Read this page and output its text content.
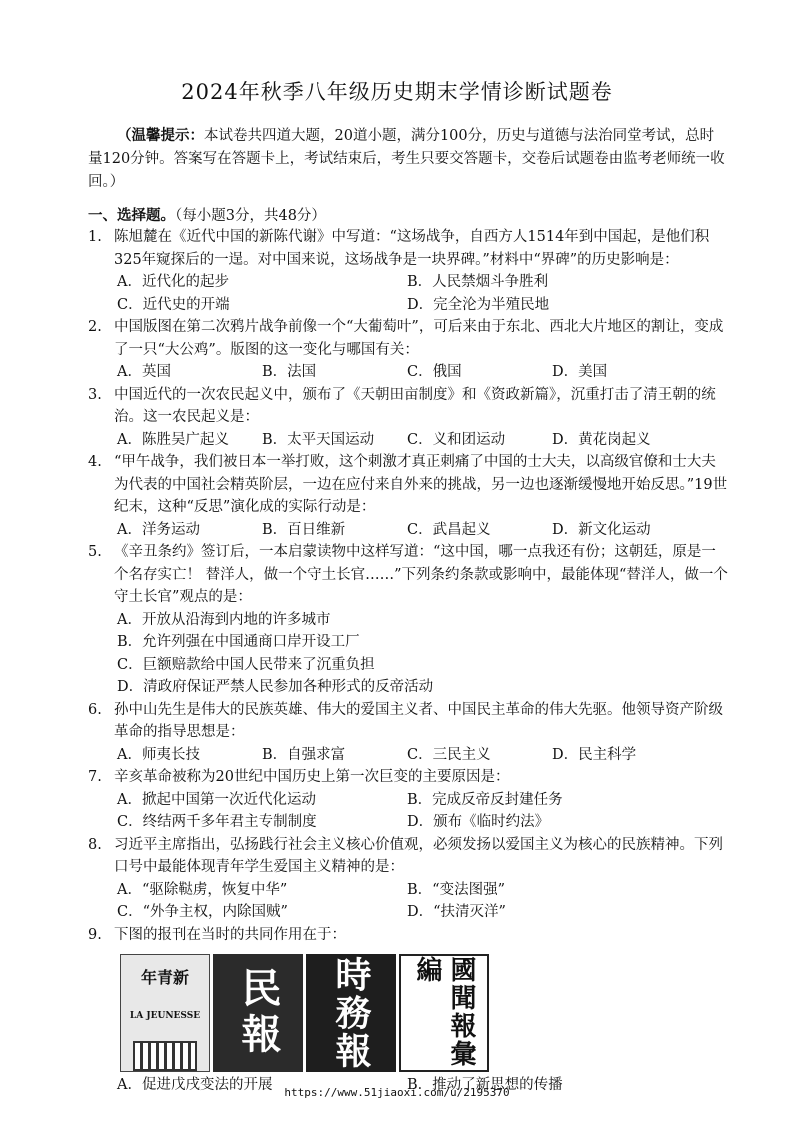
2024年秋季八年级历史期末学情诊断试题卷
（温馨提示：本试卷共四道大题，20道小题，满分100分，历史与道德与法治同堂考试，总时量120分钟。答案写在答题卡上，考试结束后，考生只要交答题卡，交卷后试题卷由监考老师统一收回。）
一、选择题。（每小题3分，共48分）
1. 陈旭麓在《近代中国的新陈代谢》中写道：“这场战争，自西方人1514年到中国起，是他们积325年窥探后的一逞。对中国来说，这场战争是一块界碑。”材料中“界碑”的历史影响是：
A．近代化的起步	B．人民禁烟斗争胜利
C．近代史的开端	D．完全沦为半殖民地
2. 中国版图在第二次鸦片战争前像一个“大葡萄叶”，可后来由于东北、西北大片地区的割让，变成了一只“大公鸡”。版图的这一变化与哪国有关：
A．英国	B．法国	C．俄国	D．美国
3. 中国近代的一次农民起义中，颁布了《天朝田亩制度》和《资政新篇》，沉重打击了清王朝的统治。这一农民起义是：
A．陈胜吴广起义	B．太平天国运动	C．义和团运动	D．黄花岗起义
4. “甲午战争，我们被日本一举打败，这个刺激才真正刺痛了中国的士大夫，以高级官僚和士大夫为代表的中国社会精英阶层，一边在应付来自外来的挑战，另一边也逐渐缓慢地开始反思。”19世纪末，这种“反思”演化成的实际行动是：
A．洋务运动	B．百日维新	C．武昌起义	D．新文化运动
5. 《辛丑条约》签订后，一本启蒙读物中这样写道：“这中国，哪一点我还有份；这朝廷，原是一个名存实亡！ 替洋人，做一个守土长官……”下列条约条款或影响中，最能体现“替洋人，做一个守土长官”观点的是：
A．开放从沿海到内地的许多城市
B．允许列强在中国通商口岸开设工厂
C．巨额赔款给中国人民带来了沉重负担
D．清政府保证严禁人民参加各种形式的反帝活动
6. 孙中山先生是伟大的民族英雄、伟大的爱国主义者、中国民主革命的伟大先驱。他领导资产阶级革命的指导思想是：
A．师夷长技	B．自强求富	C．三民主义	D．民主科学
7. 辛亥革命被称为20世纪中国历史上第一次巨变的主要原因是：
A．掀起中国第一次近代化运动	B．完成反帝反封建任务
C．终结两千多年君主专制制度	D．颁布《临时约法》
8. 习近平主席指出，弘扬践行社会主义核心价值观，必须发扬以爱国主义为核心的民族精神。下列口号中最能体现青年学生爱国主义精神的是：
A．“驱除鞑虏，恢复中华”	B．“变法图强”
C．“外争主权，内除国贼”	D．“扶清灭洋”
9. 下图的报刊在当时的共同作用在于：
年青新
LA JEUNESSE 民報 時務報	國聞報彙編
A．促进戊戌变法的开展	B．推动了新思想的传播
https://www.51jiaoxi.com/u/2195370
